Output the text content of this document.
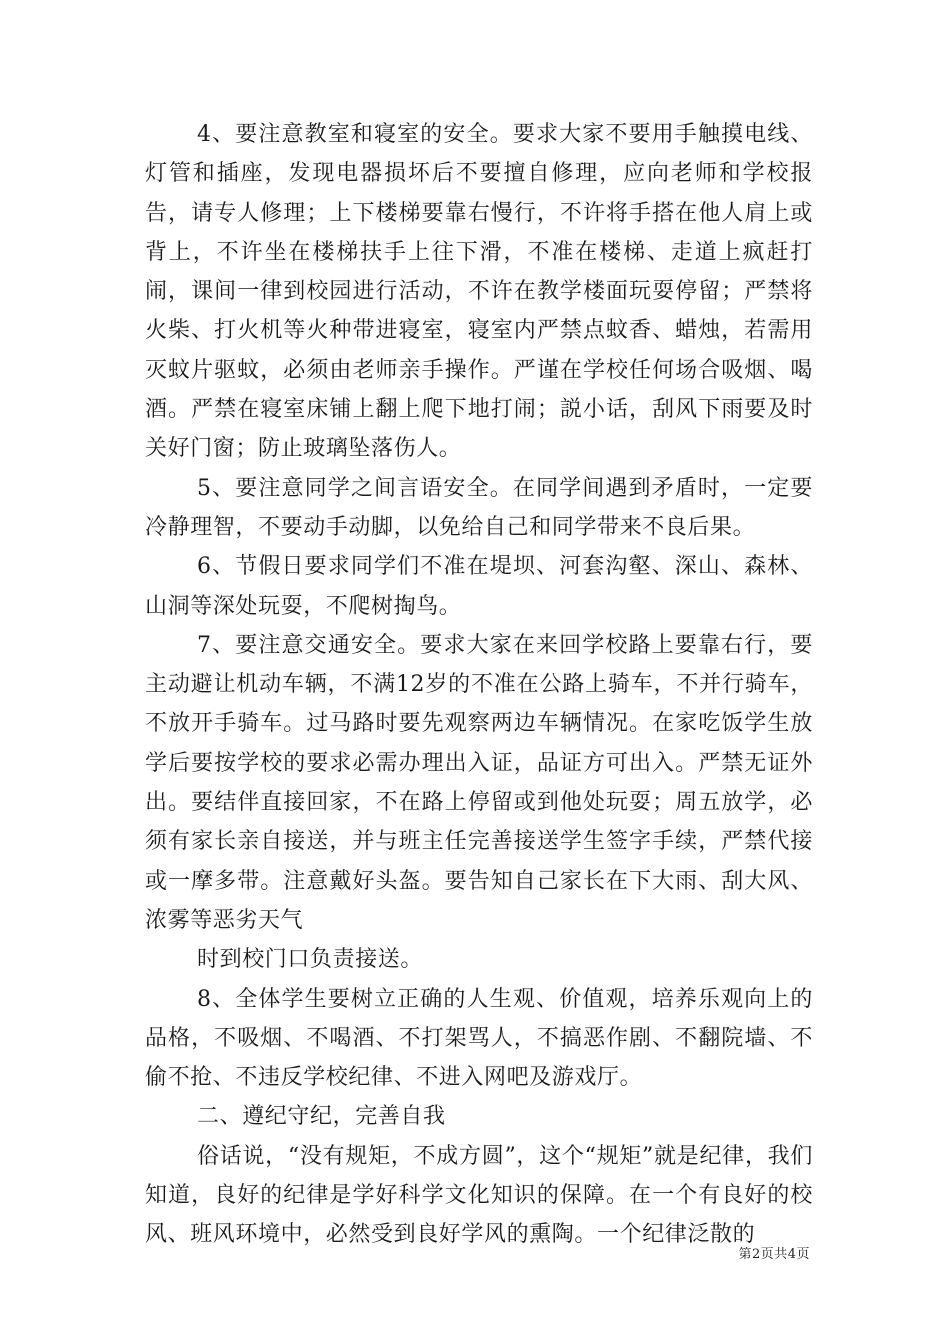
4、要注意教室和寝室的安全。要求大家不要用手触摸电线、灯管和插座，发现电器损坏后不要擅自修理，应向老师和学校报告，请专人修理；上下楼梯要靠右慢行，不许将手搭在他人肩上或背上，不许坐在楼梯扶手上往下滑，不准在楼梯、走道上疯赶打闹，课间一律到校园进行活动，不许在教学楼面玩耍停留；严禁将火柴、打火机等火种带进寝室，寝室内严禁点蚊香、蜡烛，若需用灭蚊片驱蚊，必须由老师亲手操作。严谨在学校任何场合吸烟、喝酒。严禁在寝室床铺上翻上爬下地打闹；説小话，刮风下雨要及时关好门窗；防止玻璃坠落伤人。

5、要注意同学之间言语安全。在同学间遇到矛盾时，一定要冷静理智，不要动手动脚，以免给自己和同学带来不良后果。

6、节假日要求同学们不准在堤坝、河套沟壑、深山、森林、山洞等深处玩耍，不爬树掏鸟。

7、要注意交通安全。要求大家在来回学校路上要靠右行，要主动避让机动车辆，不满12岁的不准在公路上骑车，不并行骑车，不放开手骑车。过马路时要先观察两边车辆情况。在家吃饭学生放学后要按学校的要求必需办理出入证，品证方可出入。严禁无证外出。要结伴直接回家，不在路上停留或到他处玩耍；周五放学，必须有家长亲自接送，并与班主任完善接送学生签字手续，严禁代接或一摩多带。注意戴好头盔。要告知自己家长在下大雨、刮大风、浓雾等恶劣天气

时到校门口负责接送。

8、全体学生要树立正确的人生观、价值观，培养乐观向上的品格，不吸烟、不喝酒、不打架骂人，不搞恶作剧、不翻院墙、不偷不抢、不违反学校纪律、不进入网吧及游戏厅。

二、遵纪守纪，完善自我

俗话说，“没有规矩，不成方圆”，这个“规矩”就是纪律，我们知道，良好的纪律是学好科学文化知识的保障。在一个有良好的校风、班风环境中，必然受到良好学风的熏陶。一个纪律泛散的

第2页共4页
